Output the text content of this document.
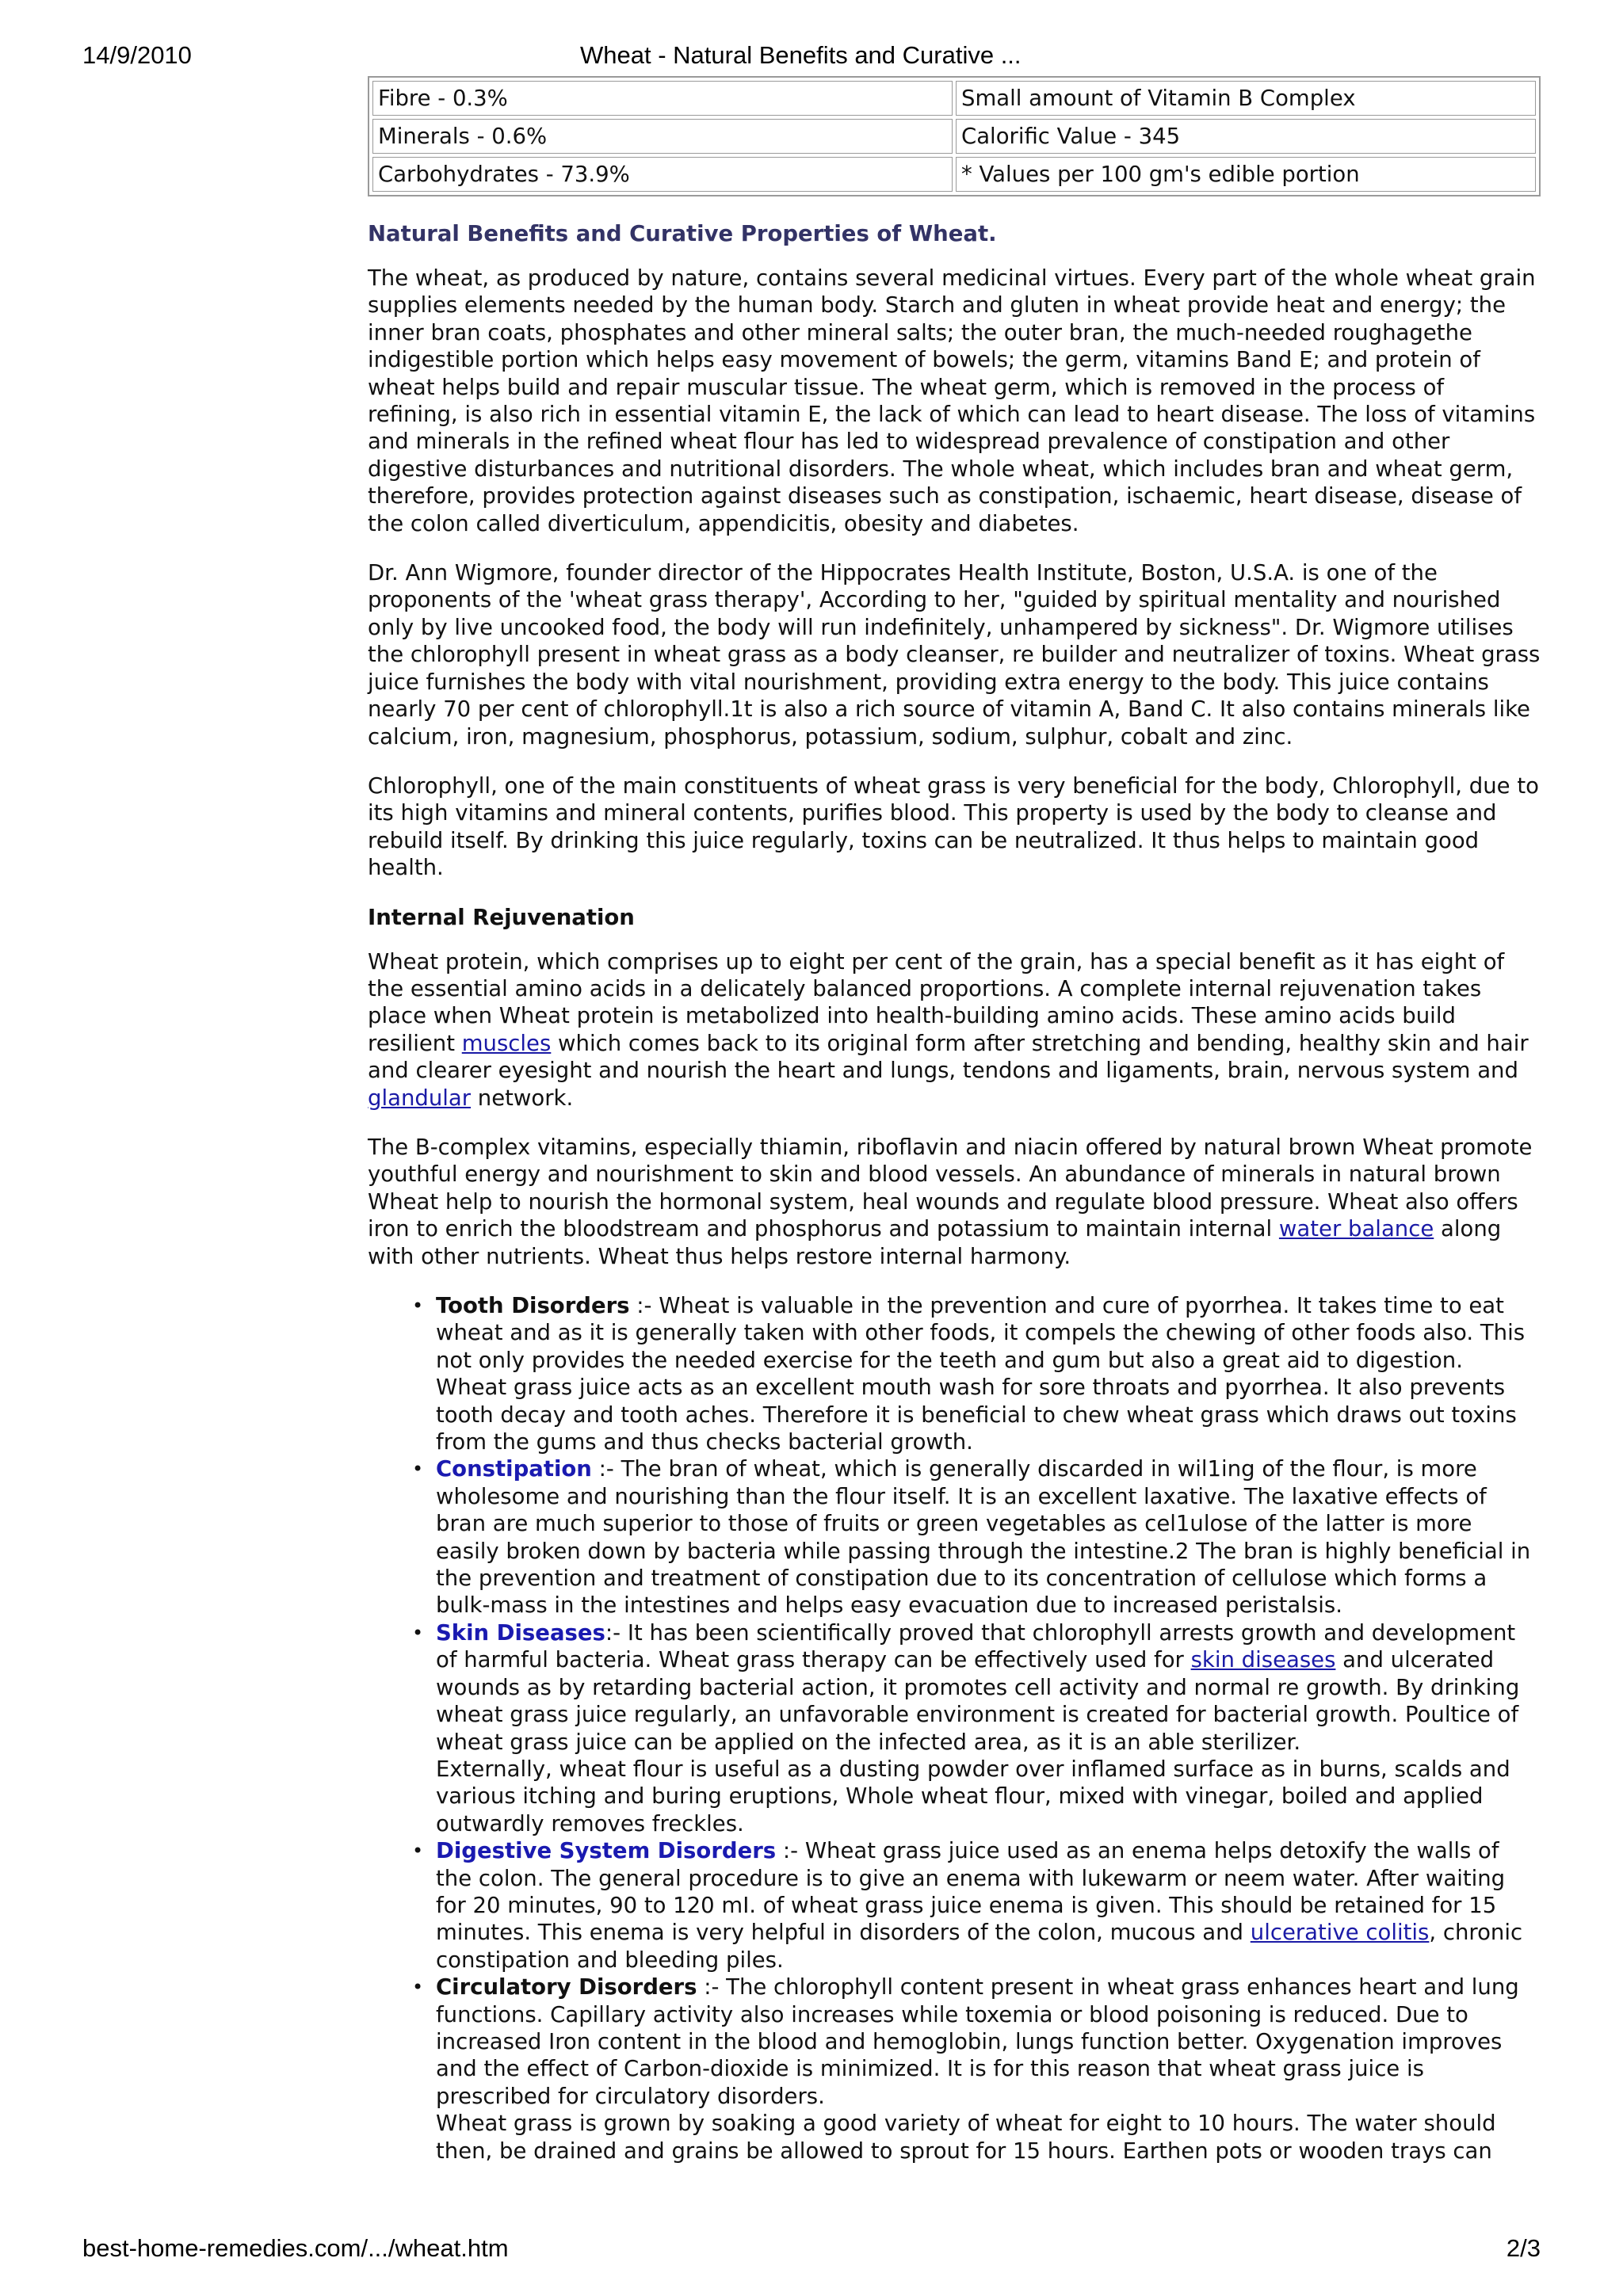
14/9/2010	Wheat - Natural Benefits and Curative ...
Fibre - 0.3%	Small amount of Vitamin B Complex
Minerals - 0.6%	Calorific Value - 345
Carbohydrates - 73.9%	* Values per 100 gm's edible portion
Natural Benefits and Curative Properties of Wheat.

The wheat, as produced by nature, contains several medicinal virtues. Every part of the whole wheat grain supplies elements needed by the human body. Starch and gluten in wheat provide heat and energy; the inner bran coats, phosphates and other mineral salts; the outer bran, the much-needed roughagethe indigestible portion which helps easy movement of bowels; the germ, vitamins Band E; and protein of wheat helps build and repair muscular tissue. The wheat germ, which is removed in the process of refining, is also rich in essential vitamin E, the lack of which can lead to heart disease. The loss of vitamins and minerals in the refined wheat flour has led to widespread prevalence of constipation and other digestive disturbances and nutritional disorders. The whole wheat, which includes bran and wheat germ, therefore, provides protection against diseases such as constipation, ischaemic, heart disease, disease of the colon called diverticulum, appendicitis, obesity and diabetes.

Dr. Ann Wigmore, founder director of the Hippocrates Health Institute, Boston, U.S.A. is one of the proponents of the 'wheat grass therapy', According to her, "guided by spiritual mentality and nourished only by live uncooked food, the body will run indefinitely, unhampered by sickness". Dr. Wigmore utilises the chlorophyll present in wheat grass as a body cleanser, re builder and neutralizer of toxins. Wheat grass juice furnishes the body with vital nourishment, providing extra energy to the body. This juice contains nearly 70 per cent of chlorophyll.1t is also a rich source of vitamin A, Band C. It also contains minerals like calcium, iron, magnesium, phosphorus, potassium, sodium, sulphur, cobalt and zinc.

Chlorophyll, one of the main constituents of wheat grass is very beneficial for the body, Chlorophyll, due to its high vitamins and mineral contents, purifies blood. This property is used by the body to cleanse and rebuild itself. By drinking this juice regularly, toxins can be neutralized. It thus helps to maintain good health.

Internal Rejuvenation

Wheat protein, which comprises up to eight per cent of the grain, has a special benefit as it has eight of the essential amino acids in a delicately balanced proportions. A complete internal rejuvenation takes place when Wheat protein is metabolized into health-building amino acids. These amino acids build resilient muscles which comes back to its original form after stretching and bending, healthy skin and hair and clearer eyesight and nourish the heart and lungs, tendons and ligaments, brain, nervous system and glandular network.

The B-complex vitamins, especially thiamin, riboflavin and niacin offered by natural brown Wheat promote youthful energy and nourishment to skin and blood vessels. An abundance of minerals in natural brown Wheat help to nourish the hormonal system, heal wounds and regulate blood pressure. Wheat also offers iron to enrich the bloodstream and phosphorus and potassium to maintain internal water balance along with other nutrients. Wheat thus helps restore internal harmony.

• Tooth Disorders :- Wheat is valuable in the prevention and cure of pyorrhea. It takes time to eat wheat and as it is generally taken with other foods, it compels the chewing of other foods also. This not only provides the needed exercise for the teeth and gum but also a great aid to digestion.
Wheat grass juice acts as an excellent mouth wash for sore throats and pyorrhea. It also prevents tooth decay and tooth aches. Therefore it is beneficial to chew wheat grass which draws out toxins from the gums and thus checks bacterial growth.
• Constipation :- The bran of wheat, which is generally discarded in wil1ing of the flour, is more wholesome and nourishing than the flour itself. It is an excellent laxative. The laxative effects of bran are much superior to those of fruits or green vegetables as cel1ulose of the latter is more easily broken down by bacteria while passing through the intestine.2 The bran is highly beneficial in the prevention and treatment of constipation due to its concentration of cellulose which forms a bulk-mass in the intestines and helps easy evacuation due to increased peristalsis.
• Skin Diseases:- It has been scientifically proved that chlorophyll arrests growth and development of harmful bacteria. Wheat grass therapy can be effectively used for skin diseases and ulcerated wounds as by retarding bacterial action, it promotes cell activity and normal re growth. By drinking wheat grass juice regularly, an unfavorable environment is created for bacterial growth. Poultice of wheat grass juice can be applied on the infected area, as it is an able sterilizer.
Externally, wheat flour is useful as a dusting powder over inflamed surface as in burns, scalds and various itching and buring eruptions, Whole wheat flour, mixed with vinegar, boiled and applied outwardly removes freckles.
• Digestive System Disorders :- Wheat grass juice used as an enema helps detoxify the walls of the colon. The general procedure is to give an enema with lukewarm or neem water. After waiting for 20 minutes, 90 to 120 mI. of wheat grass juice enema is given. This should be retained for 15 minutes. This enema is very helpful in disorders of the colon, mucous and ulcerative colitis, chronic constipation and bleeding piles.
• Circulatory Disorders :- The chlorophyll content present in wheat grass enhances heart and lung functions. Capillary activity also increases while toxemia or blood poisoning is reduced. Due to increased Iron content in the blood and hemoglobin, lungs function better. Oxygenation improves and the effect of Carbon-dioxide is minimized. It is for this reason that wheat grass juice is prescribed for circulatory disorders.
Wheat grass is grown by soaking a good variety of wheat for eight to 10 hours. The water should then, be drained and grains be allowed to sprout for 15 hours. Earthen pots or wooden trays can
best-home-remedies.com/.../wheat.htm	2/3
